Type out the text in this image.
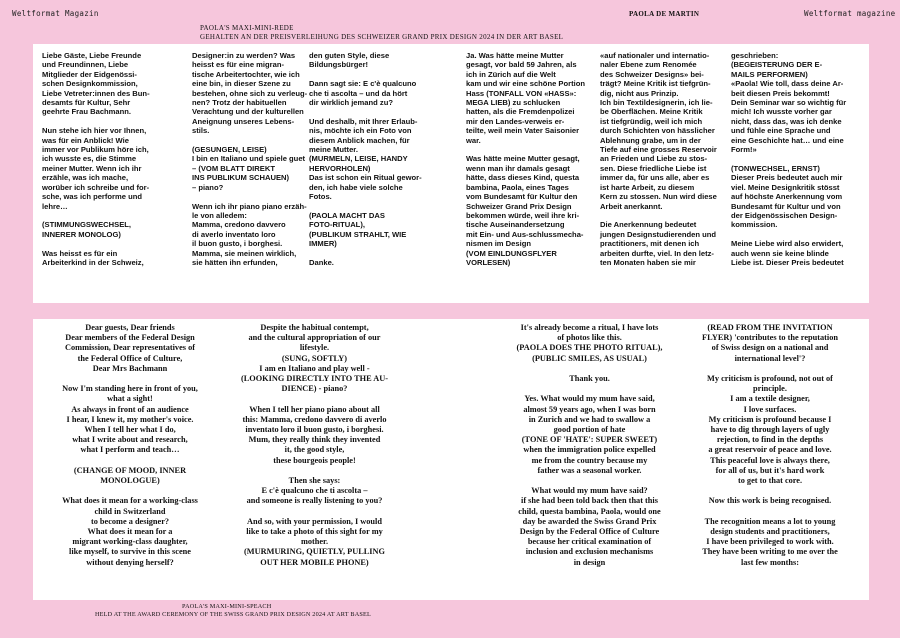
Weltformat Magazin
PAOLA'S MAXI-MINI-REDE
GEHALTEN AN DER PREISVERLEIHUNG DES SCHWEIZER GRAND PRIX DESIGN 2024 IN DER ART BASEL
PAOLA DE MARTIN	Weltformat magazine
Liebe Gäste, Liebe Freunde
und Freundinnen, Liebe
Mitglieder der Eidgenössi-
schen Designkommission,
Liebe Vetreter:innen des Bun-
desamts für Kultur, Sehr
geehrte Frau Bachmann.

Nun stehe ich hier vor Ihnen,
was für ein Anblick! Wie
immer vor Publikum höre ich,
ich wusste es, die Stimme
meiner Mutter. Wenn ich ihr
erzähle, was ich mache,
worüber ich schreibe und for-
sche, was ich performe und
lehre…

(STIMMUNGSWECHSEL,
INNERER MONOLOG)

Was heisst es für ein
Arbeiterkind in der Schweiz,
Designer:in zu werden? Was
heisst es für eine migran-
tische Arbeitertochter, wie ich
eine bin, in dieser Szene zu
bestehen, ohne sich zu verleug-
nen? Trotz der habituellen
Verachtung und der kulturellen
Aneignung unseres Lebens-
stils.

(GESUNGEN, LEISE)
I bin en Italiano und spiele guet
– (VOM BLATT DIREKT
INS PUBLIKUM SCHAUEN)
– piano?

Wenn ich ihr piano piano erzäh-
le von alledem:
Mamma, credono davvero
di averlo inventato loro
il buon gusto, i borghesi.
Mamma, sie meinen wirklich,
sie hätten ihn erfunden,
den guten Style, diese
Bildungsbürger!

Dann sagt sie: E c'è qualcuno
che ti ascolta – und da hört
dir wirklich jemand zu?

Und deshalb, mit Ihrer Erlaub-
nis, möchte ich ein Foto von
diesem Anblick machen, für
meine Mutter.
(MURMELN, LEISE, HANDY
HERVORHOLEN)
Das ist schon ein Ritual gewor-
den, ich habe viele solche
Fotos.

(PAOLA MACHT DAS
FOTO-RITUAL),
(PUBLIKUM STRAHLT, WIE
IMMER)

Danke.
Ja. Was hätte meine Mutter
gesagt, vor bald 59 Jahren, als
ich in Zürich auf die Welt
kam und wir eine schöne Portion
Hass (TONFALL VON «HASS»:
MEGA LIEB) zu schlucken
hatten, als die Fremdenpolizei
mir den Landes-verweis er-
teilte, weil mein Vater Saisonier
war.

Was hätte meine Mutter gesagt,
wenn man ihr damals gesagt
hätte, dass dieses Kind, questa
bambina, Paola, eines Tages
vom Bundesamt für Kultur den
Schweizer Grand Prix Design
bekommen würde, weil ihre kri-
tische Auseinandersetzung
mit Ein- und Aus-schlussmecha-
nismen im Design
(VOM EINLDUNGSFLYER
VORLESEN)
«auf nationaler und internatio-
naler Ebene zum Renomée
des Schweizer Designs» bei-
trägt? Meine Kritik ist tiefgrün-
dig, nicht aus Prinzip.
Ich bin Textildesignerin, ich lie-
be Oberflächen. Meine Kritik
ist tiefgründig, weil ich mich
durch Schichten von hässlicher
Ablehnung grabe, um in der
Tiefe auf eine grosses Reservoir
an Frieden und Liebe zu stos-
sen. Diese friedliche Liebe ist
immer da, für uns alle, aber es
ist harte Arbeit, zu diesem
Kern zu stossen. Nun wird diese
Arbeit anerkannt.

Die Anerkennung bedeutet
jungen Designstudierenden und
practitioners, mit denen ich
arbeiten durfte, viel. In den letz-
ten Monaten haben sie mir
geschrieben:
(BEGEISTERUNG DER E-
MAILS PERFORMEN)
«Paola! Wie toll, dass deine Ar-
beit diesen Preis bekommt!
Dein Seminar war so wichtig für
mich! Ich wusste vorher gar
nicht, dass das, was ich denke
und fühle eine Sprache und
eine Geschichte hat… und eine
Form!»

(TONWECHSEL, ERNST)
Dieser Preis bedeutet auch mir
viel. Meine Designkritik stösst
auf höchste Anerkennung vom
Bundesamt für Kultur und von
der Eidgenössischen Design-
kommission.

Meine Liebe wird also erwidert,
auch wenn sie keine blinde
Liebe ist. Dieser Preis bedeutet
Dear guests, Dear friends
Dear members of the Federal Design
Commission, Dear representatives of
the Federal Office of Culture,
Dear Mrs Bachmann

Now I'm standing here in front of you,
what a sight!
As always in front of an audience
I hear, I knew it, my mother's voice.
When I tell her what I do,
what I write about and research,
what I perform and teach…

(CHANGE OF MOOD, INNER
MONOLOGUE)

What does it mean for a working-class
child in Switzerland
to become a designer?
What does it mean for a
migrant working-class daughter,
like myself, to survive in this scene
without denying herself?
Despite the habitual contempt,
and the cultural appropriation of our
lifestyle.
(SUNG, SOFTLY)
I am en Italiano and play well -
(LOOKING DIRECTLY INTO THE AU-
DIENCE) - piano?

When I tell her piano piano about all
this: Mamma, credono davvero di averlo
inventato loro il buon gusto, i borghesi.
Mum, they really think they invented
it, the good style,
these bourgeois people!

Then she says:
E c'è qualcuno che ti ascolta –
and someone is really listening to you?

And so, with your permission, I would
like to take a photo of this sight for my
mother.
(MURMURING, QUIETLY, PULLING
OUT HER MOBILE PHONE)
It's already become a ritual, I have lots
of photos like this.
(PAOLA DOES THE PHOTO RITUAL),
(PUBLIC SMILES, AS USUAL)

Thank you.

Yes. What would my mum have said,
almost 59 years ago, when I was born
in Zurich and we had to swallow a
good portion of hate
(TONE OF 'HATE': SUPER SWEET)
when the immigration police expelled
me from the country because my
father was a seasonal worker.

What would my mum have said?
if she had been told back then that this
child, questa bambina, Paola, would one
day be awarded the Swiss Grand Prix
Design by the Federal Office of Culture
because her critical examination of
inclusion and exclusion mechanisms
in design
(READ FROM THE INVITATION
FLYER) 'contributes to the reputation
of Swiss design on a national and
international level'?

My criticism is profound, not out of
principle.
I am a textile designer,
I love surfaces.
My criticism is profound because I
have to dig through layers of ugly
rejection, to find in the depths
a great reservoir of peace and love.
This peaceful love is always there,
for all of us, but it's hard work
to get to that core.

Now this work is being recognised.

The recognition means a lot to young
design students and practitioners,
I have been privileged to work with.
They have been writing to me over the
last few months:
PAOLA'S MAXI-MINI-SPEACH
HELD AT THE AWARD CEREMONY OF THE SWISS GRAND PRIX DESIGN 2024 AT ART BASEL
